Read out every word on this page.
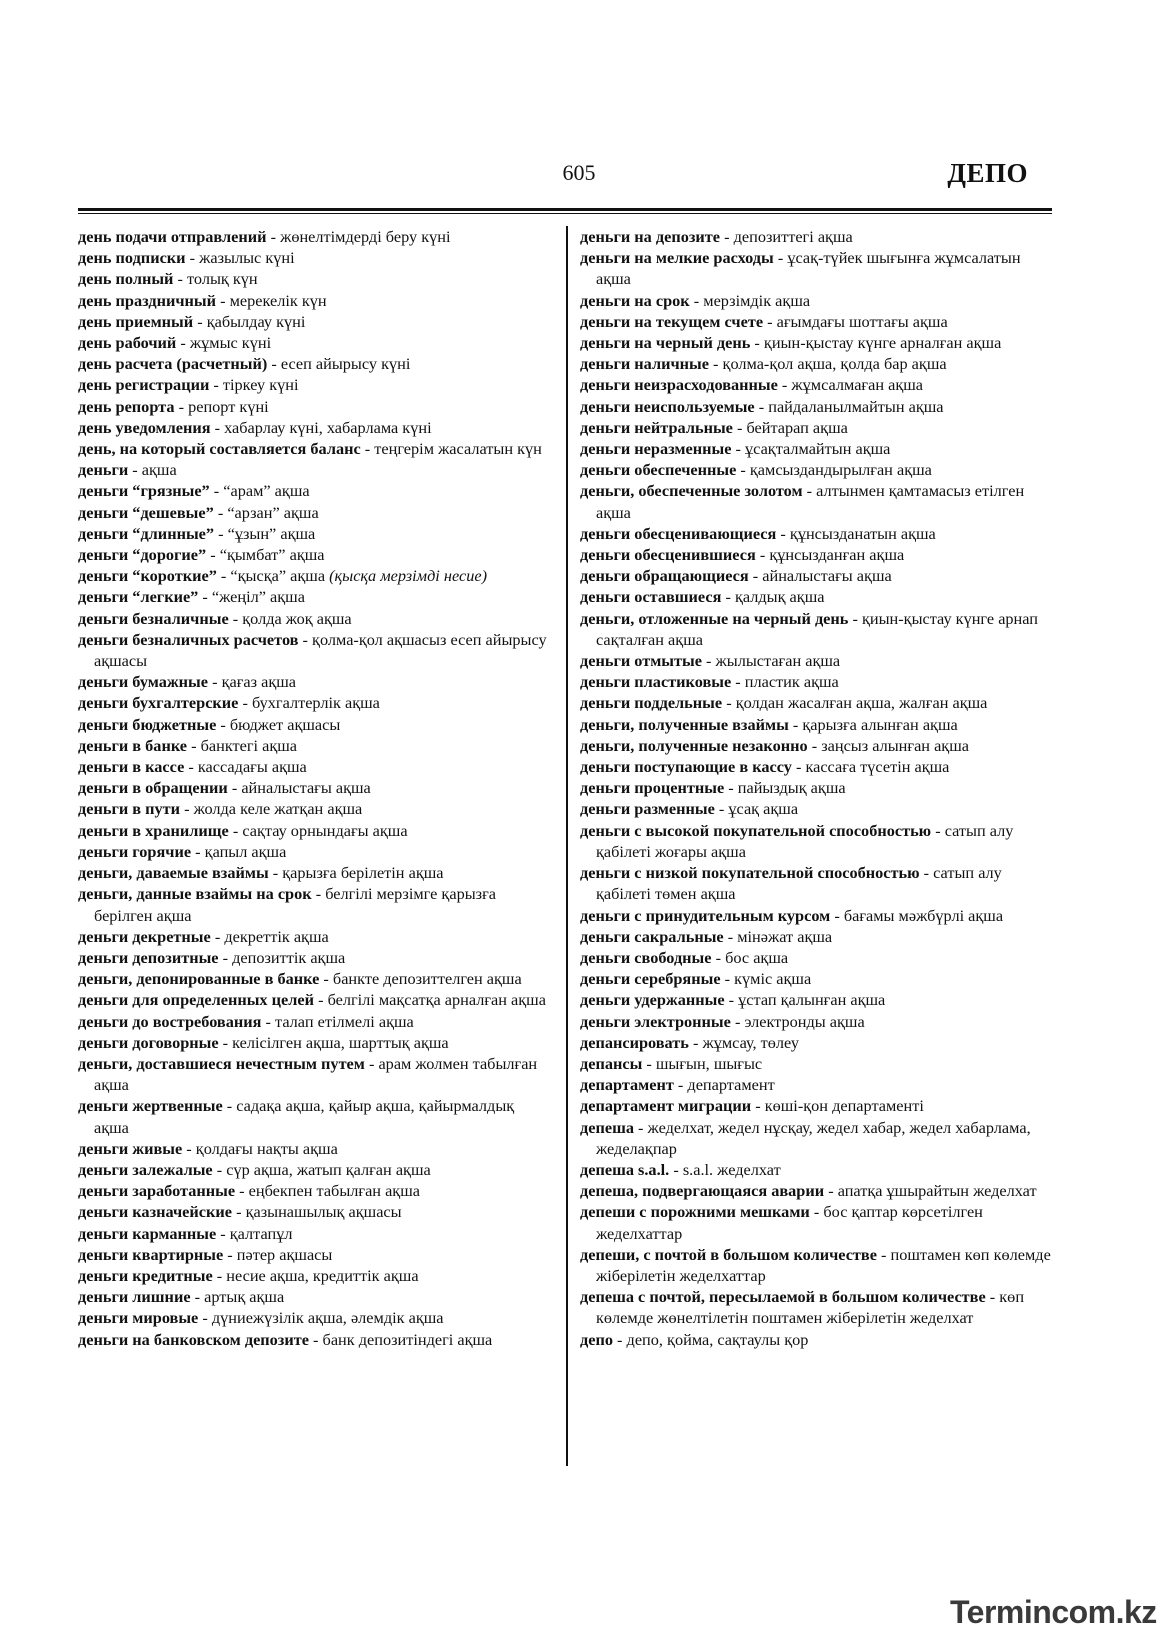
605	ДЕПО

день подачи отправлений - жөнелтімдерді беру күні

день подписки - жазылыс күні

день полный - толық күн

день праздничный - мерекелік күн

день приемный - қабылдау күні

день рабочий - жұмыс күні

день расчета (расчетный) - есеп айырысу күні

день регистрации - тіркеу күні

день репорта - репорт күні

день уведомления - хабарлау күні, хабарлама күні

день, на который составляется баланс - теңгерім жасалатын күн

деньги - ақша

деньги “грязные” - “арам” ақша

деньги “дешевые” - “арзан” ақша

деньги “длинные” - “ұзын” ақша

деньги “дорогие” - “қымбат” ақша

деньги “короткие” - “қысқа” ақша (қысқа мерзімді несие)

деньги “легкие” - “жеңіл” ақша

деньги безналичные - қолда жоқ ақша

деньги безналичных расчетов - қолма-қол ақшасыз есеп айырысу ақшасы

деньги бумажные - қағаз ақша

деньги бухгалтерские - бухгалтерлік ақша

деньги бюджетные - бюджет ақшасы

деньги в банке - банктегі ақша

деньги в кассе - кассадағы ақша

деньги в обращении - айналыстағы ақша

деньги в пути - жолда келе жатқан ақша

деньги в хранилище - сақтау орнындағы ақша

деньги горячие - қапыл ақша

деньги, даваемые взаймы - қарызға берілетін ақша

деньги, данные взаймы на срок - белгілі мерзімге қарызға берілген ақша

деньги декретные - декреттік ақша

деньги депозитные - депозиттік ақша

деньги, депонированные в банке - банкте депозиттелген ақша

деньги для определенных целей - белгілі мақсатқа арналған ақша

деньги до востребования - талап етілмелі ақша

деньги договорные - келісілген ақша, шарттық ақша

деньги, доставшиеся нечестным путем - арам жолмен табылған ақша

деньги жертвенные - садақа ақша, қайыр ақша, қайырмалдық ақша

деньги живые - қолдағы нақты ақша

деньги залежалые - сүр ақша, жатып қалған ақша

деньги заработанные - еңбекпен табылған ақша

деньги казначейские - қазынашылық ақшасы

деньги карманные - қалтапұл

деньги квартирные - пәтер ақшасы

деньги кредитные - несие ақша, кредиттік ақша

деньги лишние - артық ақша

деньги мировые - дүниежүзілік ақша, әлемдік ақша

деньги на банковском депозите - банк депозитіндегі ақша

деньги на депозите - депозиттегі ақша

деньги на мелкие расходы - ұсақ-түйек шығынға жұмсалатын ақша

деньги на срок - мерзімдік ақша

деньги на текущем счете - ағымдағы шоттағы ақша

деньги на черный день - қиын-қыстау күнге арналған ақша

деньги наличные - қолма-қол ақша, қолда бар ақша

деньги неизрасходованные - жұмсалмаған ақша

деньги неиспользуемые - пайдаланылмайтын ақша

деньги нейтральные - бейтарап ақша

деньги неразменные - ұсақталмайтын ақша

деньги обеспеченные - қамсыздандырылған ақша

деньги, обеспеченные золотом - алтынмен қамтамасыз етілген ақша

деньги обесценивающиеся - құнсызданатын ақша

деньги обесценившиеся - құнсызданған ақша

деньги обращающиеся - айналыстағы ақша

деньги оставшиеся - қалдық ақша

деньги, отложенные на черный день - қиын-қыстау күнге арнап сақталған ақша

деньги отмытые - жылыстаған ақша

деньги пластиковые - пластик ақша

деньги поддельные - қолдан жасалған ақша, жалған ақша

деньги, полученные взаймы - қарызға алынған ақша

деньги, полученные незаконно - заңсыз алынған ақша

деньги поступающие в кассу - кассаға түсетін ақша

деньги процентные - пайыздық ақша

деньги разменные - ұсақ ақша

деньги с высокой покупательной способностью - сатып алу қабілеті жоғары ақша

деньги с низкой покупательной способностью - сатып алу қабілеті төмен ақша

деньги с принудительным курсом - бағамы мәжбүрлі ақша

деньги сакральные - мінәжат ақша

деньги свободные - бос ақша

деньги серебряные - күміс ақша

деньги удержанные - ұстап қалынған ақша

деньги электронные - электронды ақша

депансировать - жұмсау, төлеу

депансы - шығын, шығыс

департамент - департамент

департамент миграции - көші-қон департаменті

депеша - жеделхат, жедел нұсқау, жедел хабар, жедел хабарлама, жеделақпар

депеша s.a.l. - s.a.l. жеделхат

депеша, подвергающаяся аварии - апатқа ұшырайтын жеделхат

депеши с порожними мешками - бос қаптар көрсетілген жеделхаттар

депеши, с почтой в большом количестве - поштамен көп көлемде жіберілетін жеделхаттар

депеша с почтой, пересылаемой в большом количестве - көп көлемде жөнелтілетін поштамен жіберілетін жеделхат

депо - депо, қойма, сақтаулы қор

Termincom.kz
